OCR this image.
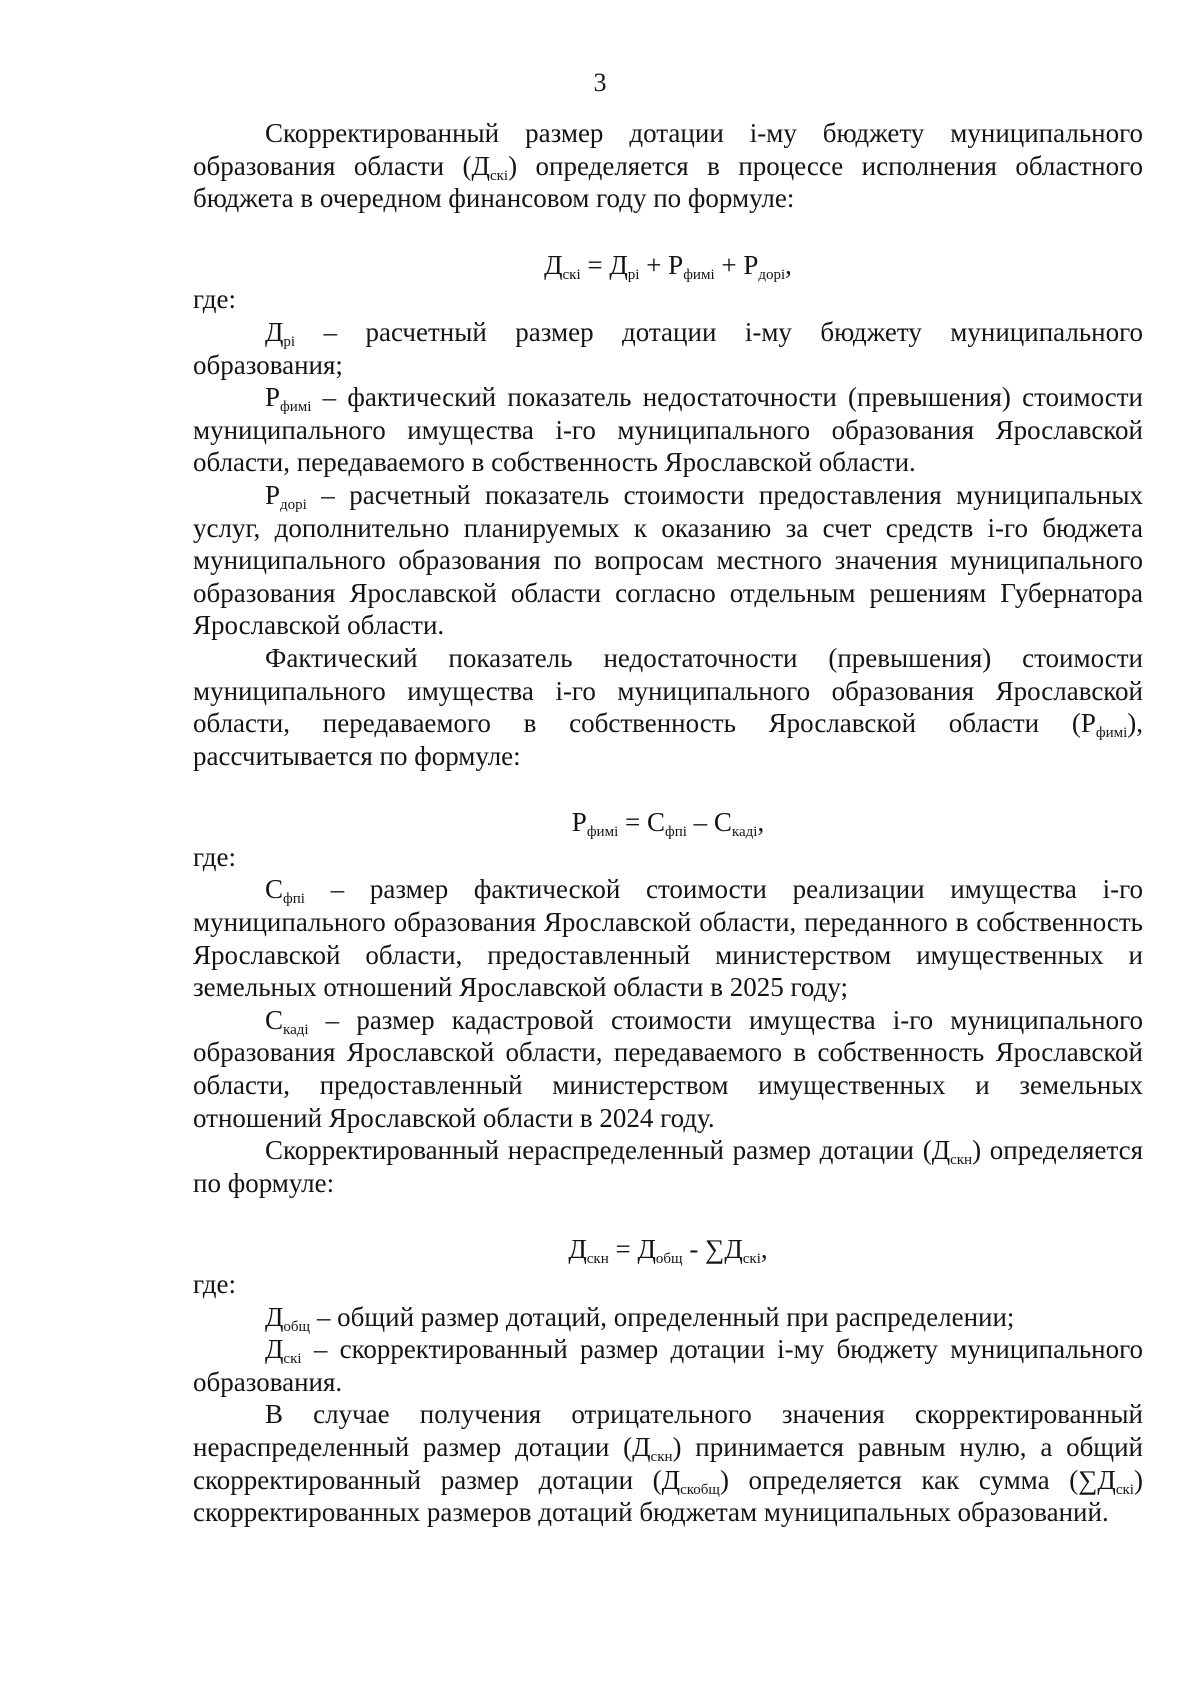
3

Скорректированный размер дотации i-му бюджету муниципального образования области $(Д_{скi})$ определяется в процессе исполнения областного бюджета в очередном финансовом году по формуле:

$Д_{скi} = Д_{рi} + Р_{фимi} + Р_{дорi}$,

где:

$Д_{рi}$ – расчетный размер дотации i-му бюджету муниципального образования;

$Р_{фимi}$ – фактический показатель недостаточности (превышения) стоимости муниципального имущества i-го муниципального образования Ярославской области, передаваемого в собственность Ярославской области.

$Р_{дорi}$ – расчетный показатель стоимости предоставления муниципальных услуг, дополнительно планируемых к оказанию за счет средств i-го бюджета муниципального образования по вопросам местного значения муниципального образования Ярославской области согласно отдельным решениям Губернатора Ярославской области.

Фактический показатель недостаточности (превышения) стоимости муниципального имущества i-го муниципального образования Ярославской области, передаваемого в собственность Ярославской области $(Р_{фимi})$, рассчитывается по формуле:

$Р_{фимi} = С_{фпi} - С_{кадi}$,

где:

$С_{фпi}$ – размер фактической стоимости реализации имущества i-го муниципального образования Ярославской области, переданного в собственность Ярославской области, предоставленный министерством имущественных и земельных отношений Ярославской области в 2025 году;

$С_{кадi}$ – размер кадастровой стоимости имущества i-го муниципального образования Ярославской области, передаваемого в собственность Ярославской области, предоставленный министерством имущественных и земельных отношений Ярославской области в 2024 году.

Скорректированный нераспределенный размер дотации $(Д_{скн})$ определяется по формуле:

$Д_{скн} = Д_{общ} - \sum Д_{скi}$,

где:

$Д_{общ}$ – общий размер дотаций, определенный при распределении;

$Д_{скi}$ – скорректированный размер дотации i-му бюджету муниципального образования.

В случае получения отрицательного значения скорректированный нераспределенный размер дотации $(Д_{скн})$ принимается равным нулю, а общий скорректированный размер дотации $(Д_{скобщ})$ определяется как сумма $(\sum Д_{скi})$ скорректированных размеров дотаций бюджетам муниципальных образований.
